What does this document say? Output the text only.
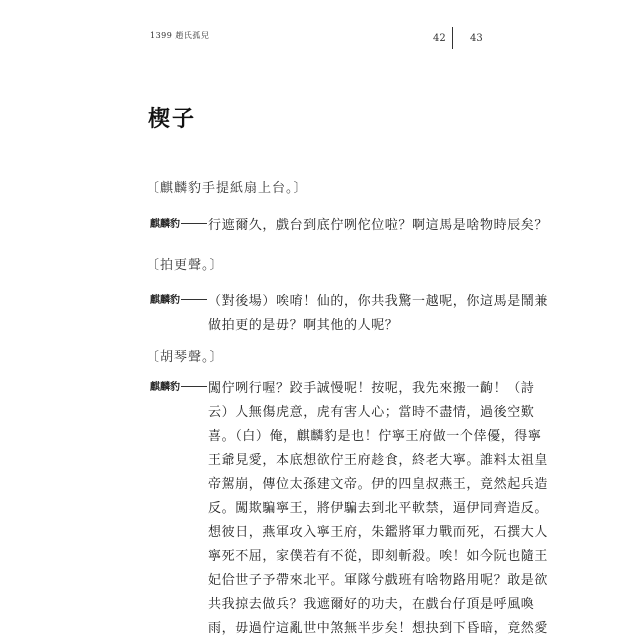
1399 趙氏孤兒	42 43
楔子
〔麒麟豹手提紙扇上台。〕
麒麟豹 行遮爾久，戲台到底佇咧佗位啦？啊這馬是啥物時辰矣？
〔拍更聲。〕
麒麟豹 （對後場）唉唷！仙的，你共我驚一越呢，你這馬是鬧兼
做拍更的是毋？啊其他的人呢？
〔胡琴聲。〕
麒麟豹 闖佇咧行喔？跤手誠慢呢！按呢，我先來搬一齣！（詩
云）人無傷虎意，虎有害人心；當時不盡情，過後空歎
喜。（白）俺，麒麟豹是也！佇寧王府做一个倖優，得寧
王爺見愛，本底想欲佇王府趁食，終老大寧。誰料太祖皇
帝駕崩，傳位太孫建文帝。伊的四皇叔燕王，竟然起兵造
反。闖欺騙寧王，將伊騙去到北平軟禁，逼伊同齊造反。
想彼日，燕軍攻入寧王府，朱鑑將軍力戰而死，石撰大人
寧死不屈，家僕若有不從，即刻斬殺。唉！如今阮也隨王
妃佮世子予帶來北平。軍隊兮戲班有啥物路用呢？敢是欲
共我掠去做兵？我遮爾好的功夫，在戲台仔頂是呼風喚
雨，毋過佇這亂世中煞無半步矣！想抉到下昏暗，竟然愛
